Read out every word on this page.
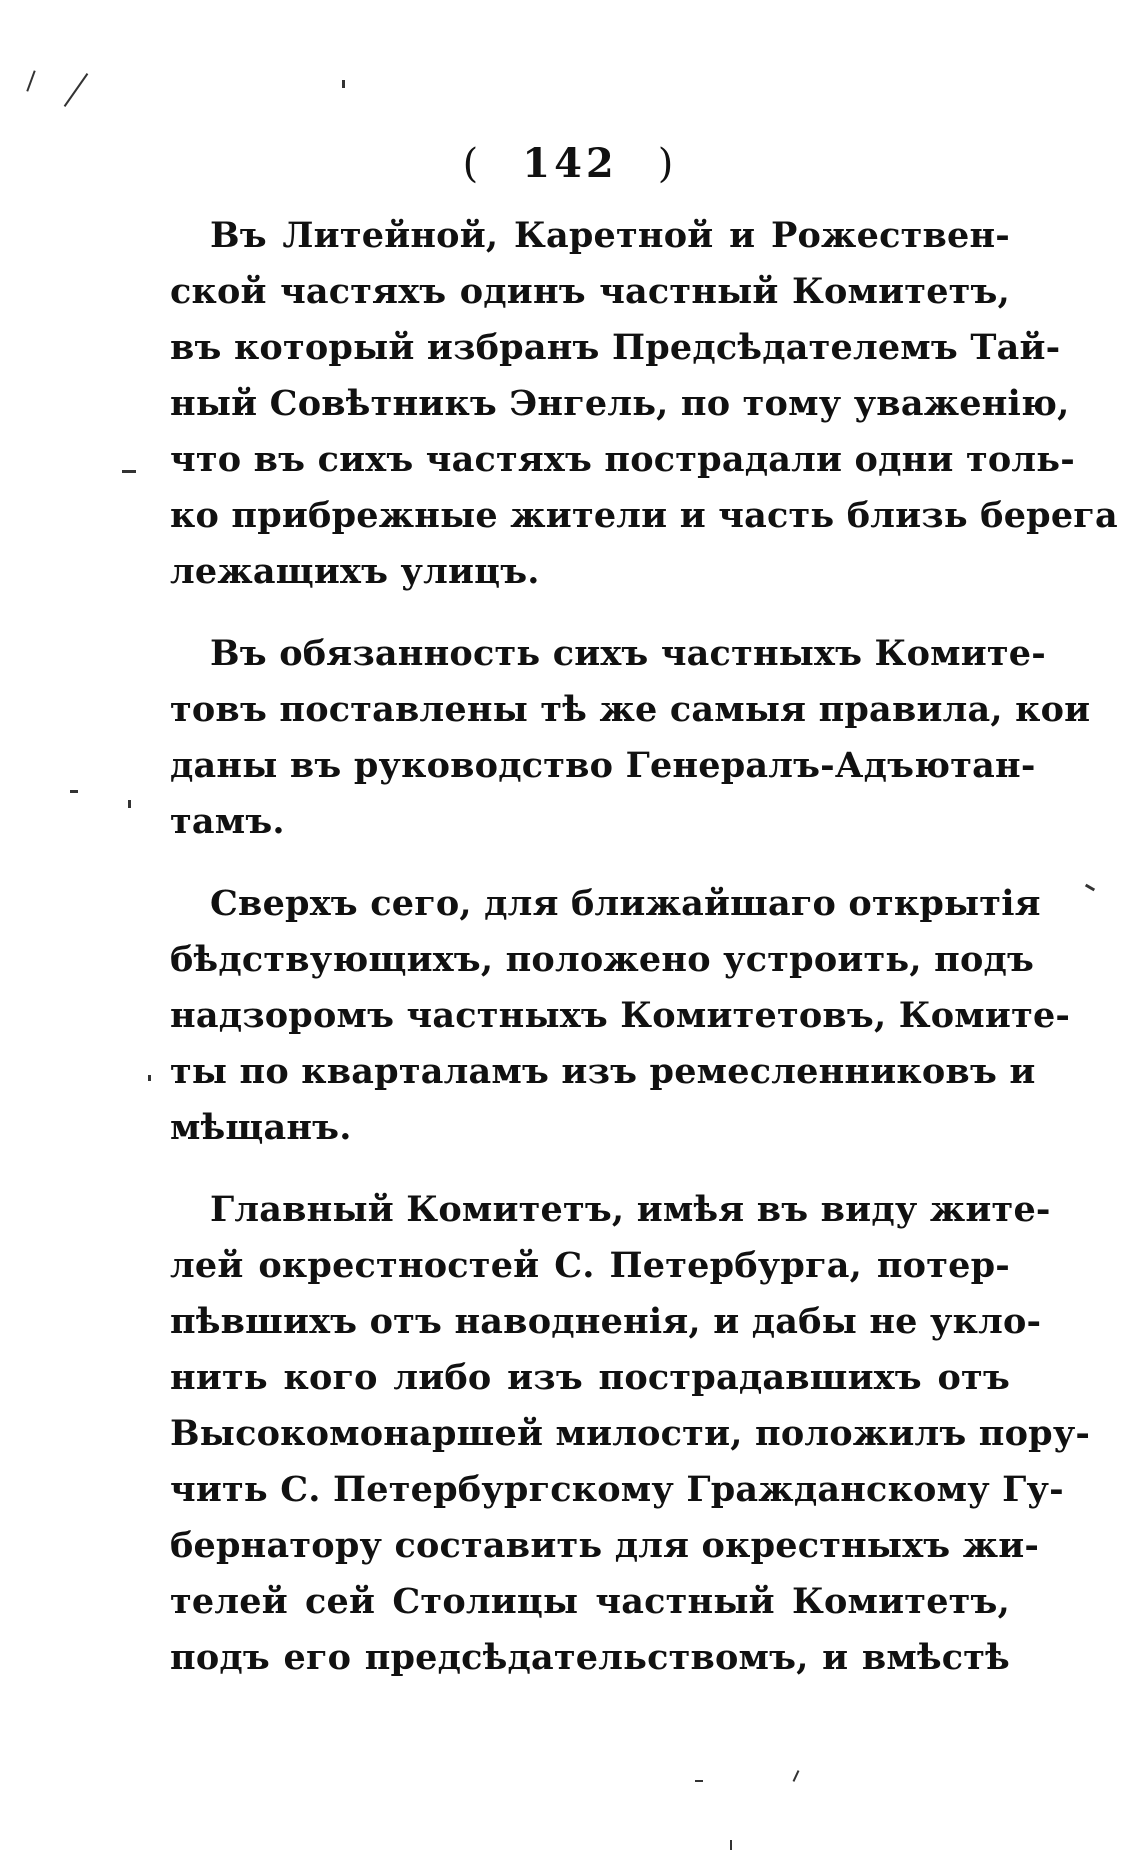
( 142 )
Въ Литейной, Каретной и Рожествен-
ской частяхъ одинъ частный Комитетъ,
въ который избранъ Предсѣдателемъ Тай-
ный Совѣтникъ Энгель, по тому уваженію,
что въ сихъ частяхъ пострадали одни толь-
ко прибрежные жители и часть близь берега
лежащихъ улицъ.
Въ обязанность сихъ частныхъ Комите-
товъ поставлены тѣ же самыя правила, кои
даны въ руководство Генералъ-Адъютан-
тамъ.
Сверхъ сего, для ближайшаго открытія
бѣдствующихъ, положено устроить, подъ
надзоромъ частныхъ Комитетовъ, Комите-
ты по кварталамъ изъ ремесленниковъ и
мѣщанъ.
Главный Комитетъ, имѣя въ виду жите-
лей окрестностей С. Петербурга, потер-
пѣвшихъ отъ наводненія, и дабы не укло-
нить кого либо изъ пострадавшихъ отъ
Высокомонаршей милости, положилъ пору-
чить С. Петербургскому Гражданскому Гу-
бернатору составить для окрестныхъ жи-
телей сей Столицы частный Комитетъ,
подъ его предсѣдательствомъ, и вмѣстѣ
